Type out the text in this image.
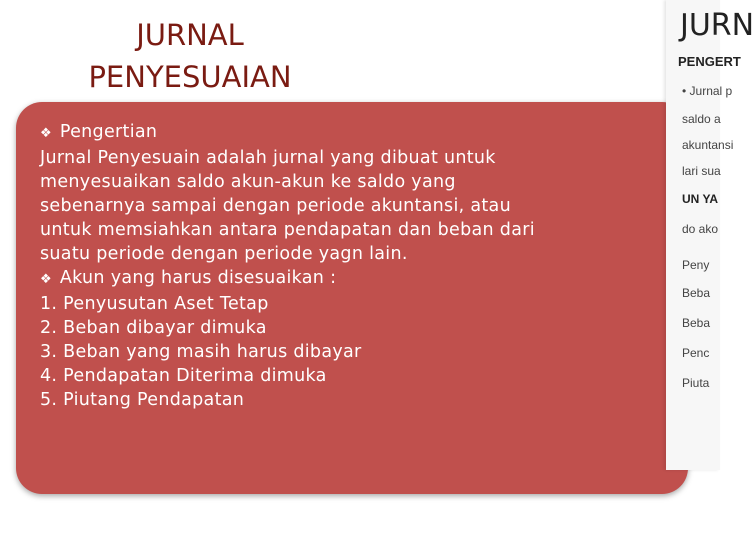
JURNAL
PENYESUAIAN
❖ Pengertian
Jurnal Penyesuain adalah jurnal yang dibuat untuk
menyesuaikan saldo akun-akun ke saldo yang
sebenarnya sampai dengan periode akuntansi, atau
untuk memsiahkan antara pendapatan dan beban dari
suatu periode dengan periode yagn lain.
❖ Akun yang harus disesuaikan :
1. Penyusutan Aset Tetap
2. Beban dibayar dimuka
3. Beban yang masih harus dibayar
4. Pendapatan Diterima dimuka
5. Piutang Pendapatan
JURN
PENGERT
• Jurnal p
saldo a
akuntansi
lari sua
UN YA
do ako
Peny
Beba
Beba
Penc
Piuta
